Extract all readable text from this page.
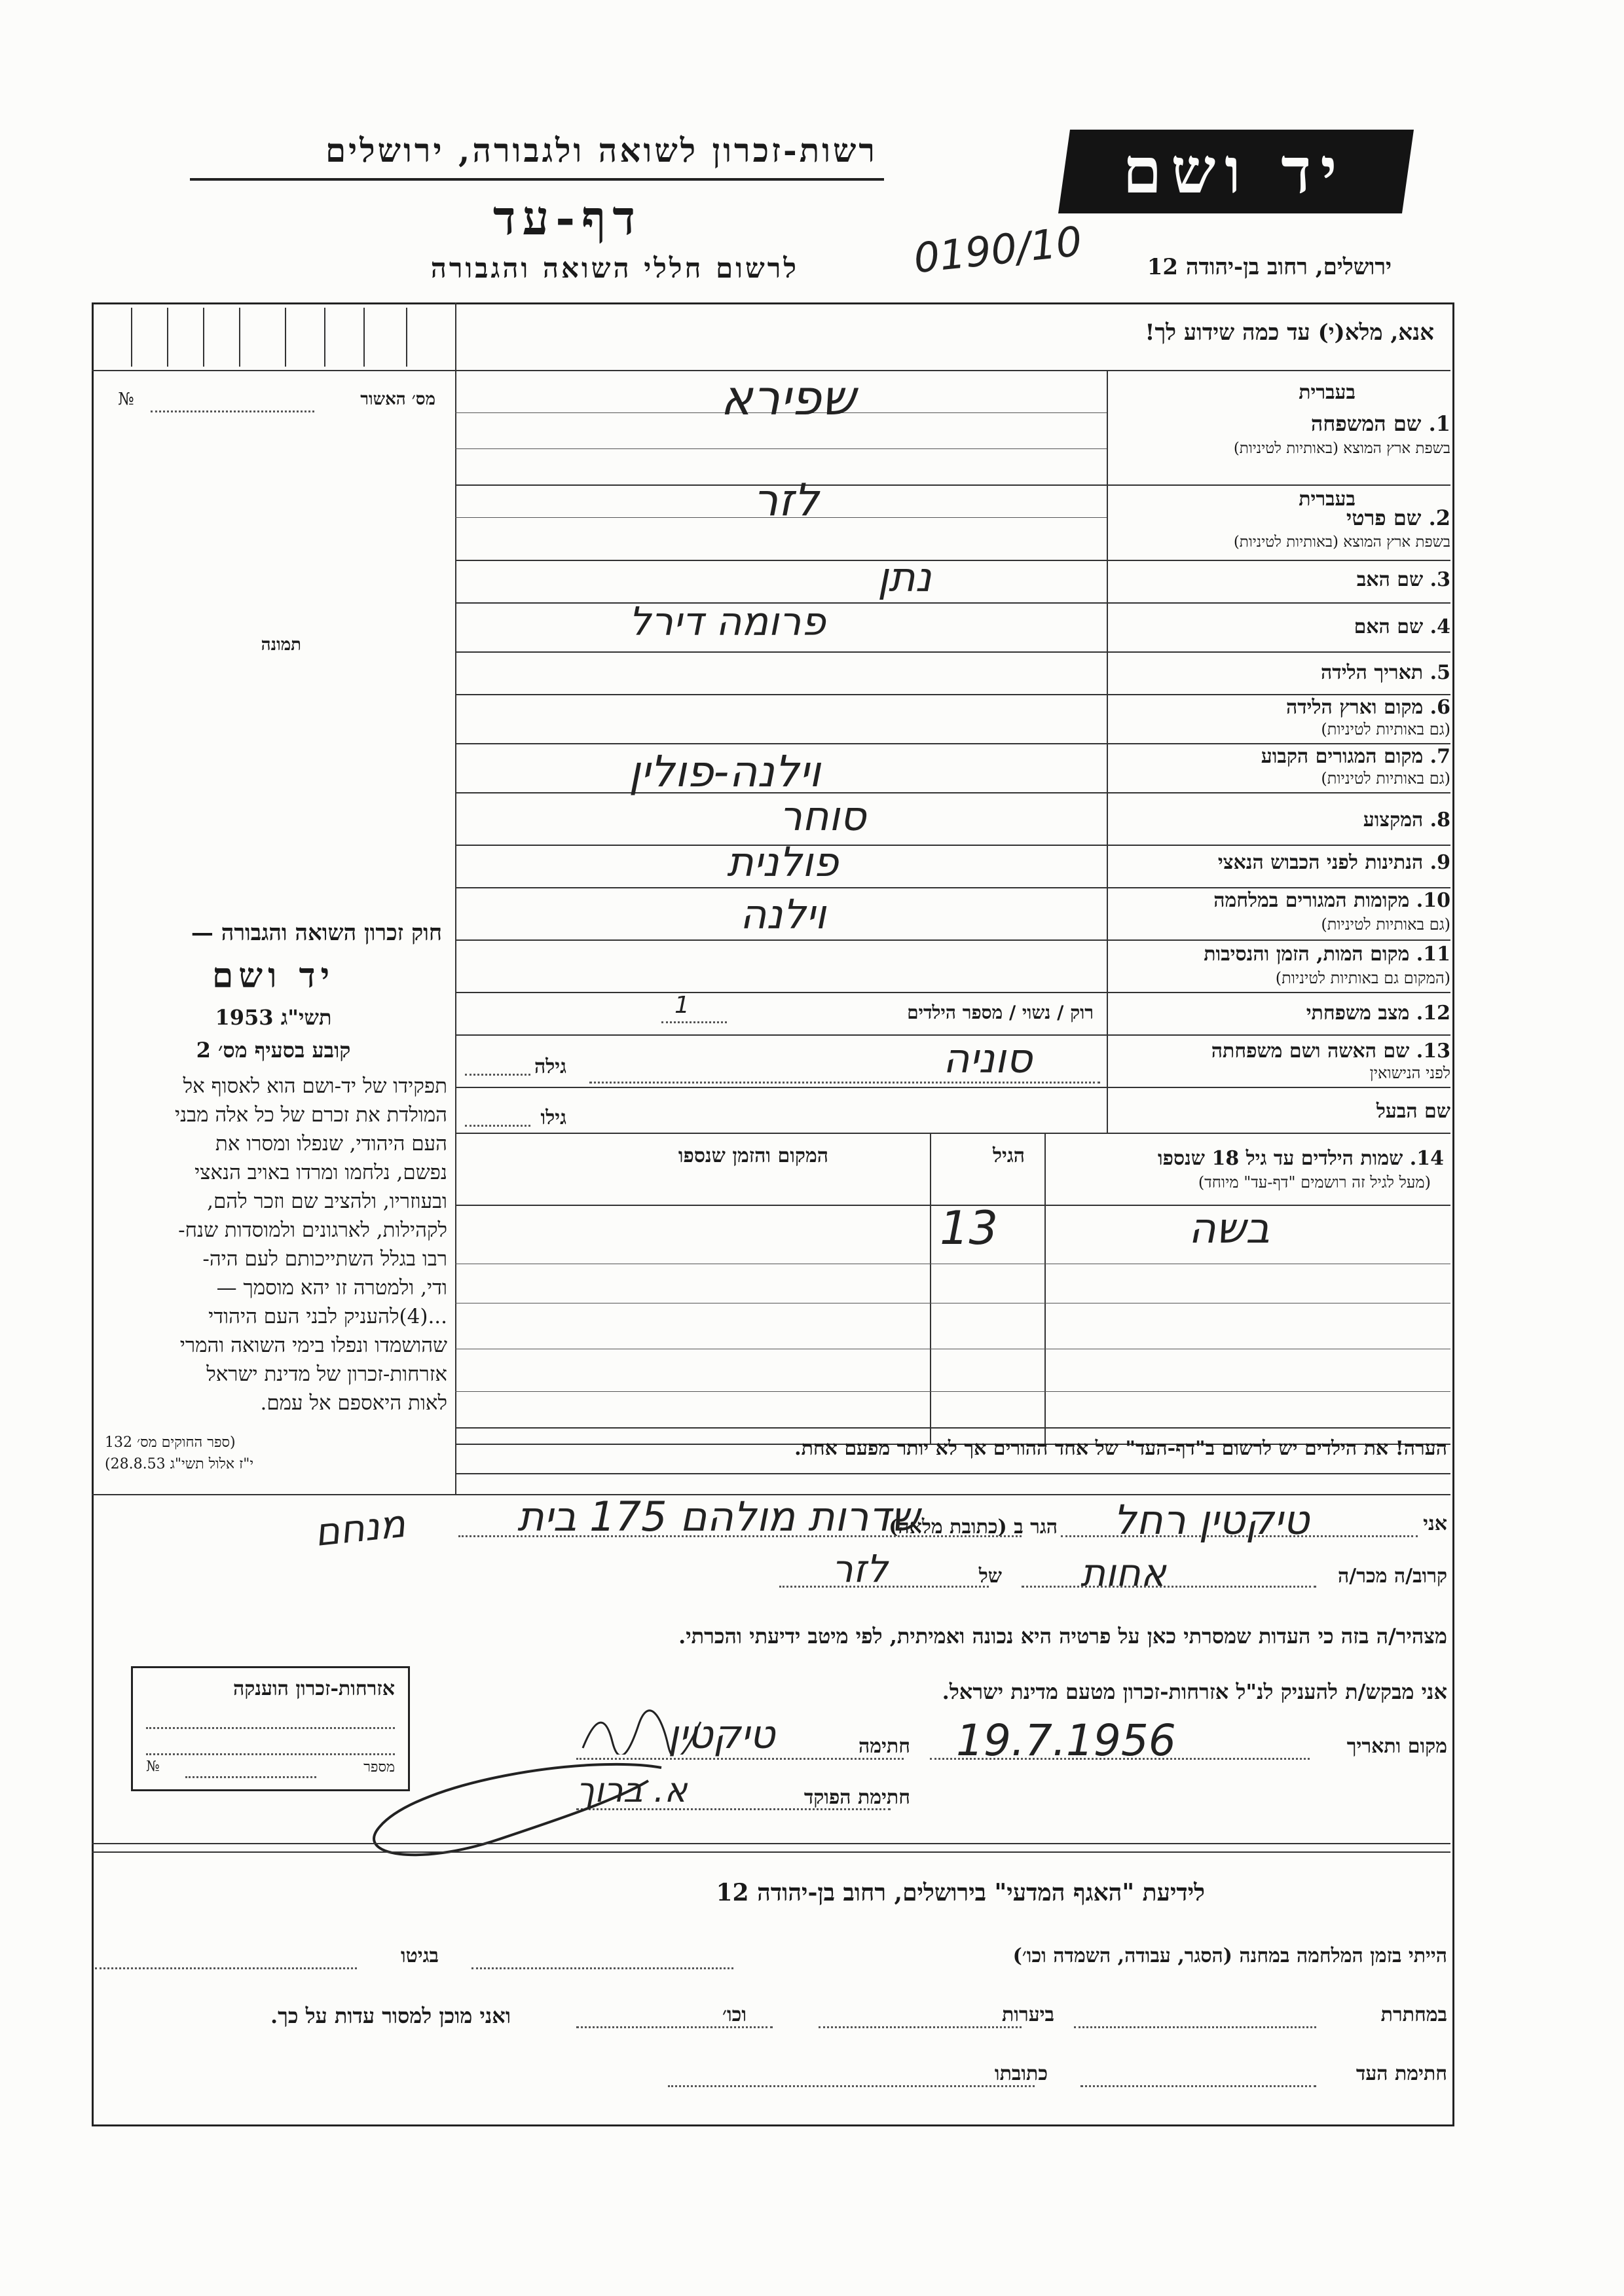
רשות-זכרון לשואה ולגבורה, ירושלים
דף-עד
לרשום חללי השואה והגבורה
יד ושם
ירושלים, רחוב בן-יהודה 12
0190/10
אנא, מלא(י) עד כמה שידוע לך!
מס׳ האשור
№
תמונה
חוק זכרון השואה והגבורה —
יד ושם
תשי"ג 1953
קובע בסעיף מס׳ 2
תפקידו של יד-ושם הוא לאסוף אל
המולדת את זכרם של כל אלה מבני
העם היהודי, שנפלו ומסרו את
נפשם, נלחמו ומרדו באויב הנאצי
ובעוזריו, ולהציב שם וזכר להם,
לקהילות, לארגונים ולמוסדות שנח-
רבו בגלל השתייכותם לעם היה-
ודי, ולמטרה זו יהא מוסמך —
...(4)להעניק לבני העם היהודי
שהושמדו ונפלו בימי השואה והמרי
אזרחות-זכרון של מדינת ישראל
לאות היאספם אל עמם.
(ספר החוקים מס׳ 132
י"ז אלול תשי"ג 28.8.53)
בעברית
1. שם המשפחה
בשפת ארץ המוצא (באותיות לטיניות)
שפירא
בעברית
2. שם פרטי
בשפת ארץ המוצא (באותיות לטיניות)
לזר
3. שם האב
נתן
4. שם האם
פרומה דירל
5. תאריך הלידה
6. מקום וארץ הלידה
(גם באותיות לטיניות)
7. מקום המגורים הקבוע
(גם באותיות לטיניות)
וילנה-פולין
8. המקצוע
סוחר
9. הנתינות לפני הכבוש הנאצי
פולנית
10. מקומות המגורים במלחמה
(גם באותיות לטיניות)
וילנה
11. מקום המות, הזמן והנסיבות
(המקום גם באותיות לטיניות)
12. מצב משפחתי
רוק / נשוי / מספר הילדים
1
13. שם האשה ושם משפחתה
לפני הנישואין
סוניה
גילה
שם הבעל
גילו
14. שמות הילדים עד גיל 18 שנספו
(מעל לגיל זה רושמים "דף-עד" מיוחד)
הגיל
המקום והזמן שנספו
בשה
13
הערה! את הילדים יש לרשום ב"דף-העד" של אחד ההורים אך לא יותר מפעם אחת.
אני
טיקטין רחל
הגר ב (כתובת מלאה)
שדרות מולהם 175 בית
מנחם
קרוב/ה מכר/ה
אחות
של
לזר
מצהיר/ה בזה כי העדות שמסרתי כאן על פרטיה היא נכונה ואמיתית, לפי מיטב ידיעתי והכרתי.
אני מבקש/ת להעניק לנ"ל אזרחות-זכרון מטעם מדינת ישראל.
מקום ותאריך
19.7.1956
חתימה
טיקטין
חתימת הפוקד
א. ברוך
אזרחות-זכרון הוענקה
מספר
№
לידיעת "האגף המדעי" בירושלים, רחוב בן-יהודה 12
הייתי בזמן המלחמה במחנה (הסגר, עבודה, השמדה וכו׳)
בגיטו
במחתרת
ביערות
וכו׳
ואני מוכן למסור עדות על כך.
חתימת העד
כתובתו
